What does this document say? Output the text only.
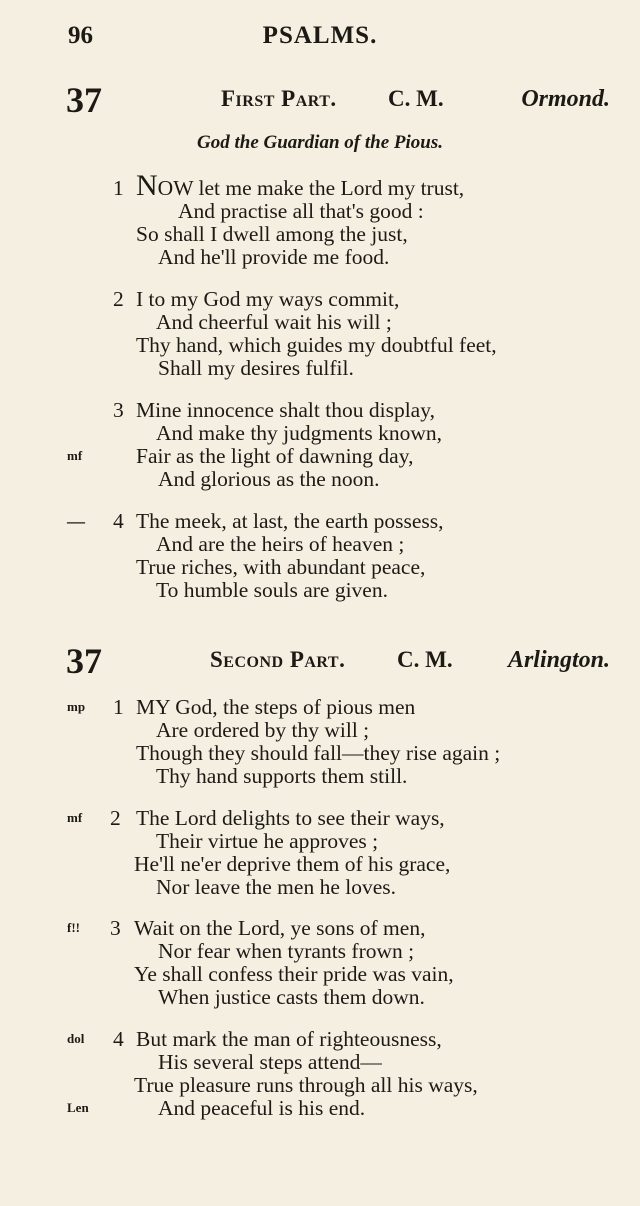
96	PSALMS.
37	First Part. C. M.	Ormond.
God the Guardian of the Pious.
1 NOW let me make the Lord my trust,
And practise all that's good :
So shall I dwell among the just,
And he'll provide me food.
2 I to my God my ways commit,
And cheerful wait his will ;
Thy hand, which guides my doubtful feet,
Shall my desires fulfil.
3 Mine innocence shalt thou display,
And make thy judgments known,
mf	Fair as the light of dawning day,
And glorious as the noon.
— 4 The meek, at last, the earth possess,
And are the heirs of heaven ;
True riches, with abundant peace,
To humble souls are given.
37	Second Part. C. M. Arlington.
mp 1 MY God, the steps of pious men
Are ordered by thy will ;
Though they should fall—they rise again ;
Thy hand supports them still.
mf 2 The Lord delights to see their ways,
Their virtue he approves ;
He'll ne'er deprive them of his grace,
Nor leave the men he loves.
f!! 3 Wait on the Lord, ye sons of men,
Nor fear when tyrants frown ;
Ye shall confess their pride was vain,
When justice casts them down.
dol 4 But mark the man of righteousness,
His several steps attend—
True pleasure runs through all his ways,
Len	And peaceful is his end.
